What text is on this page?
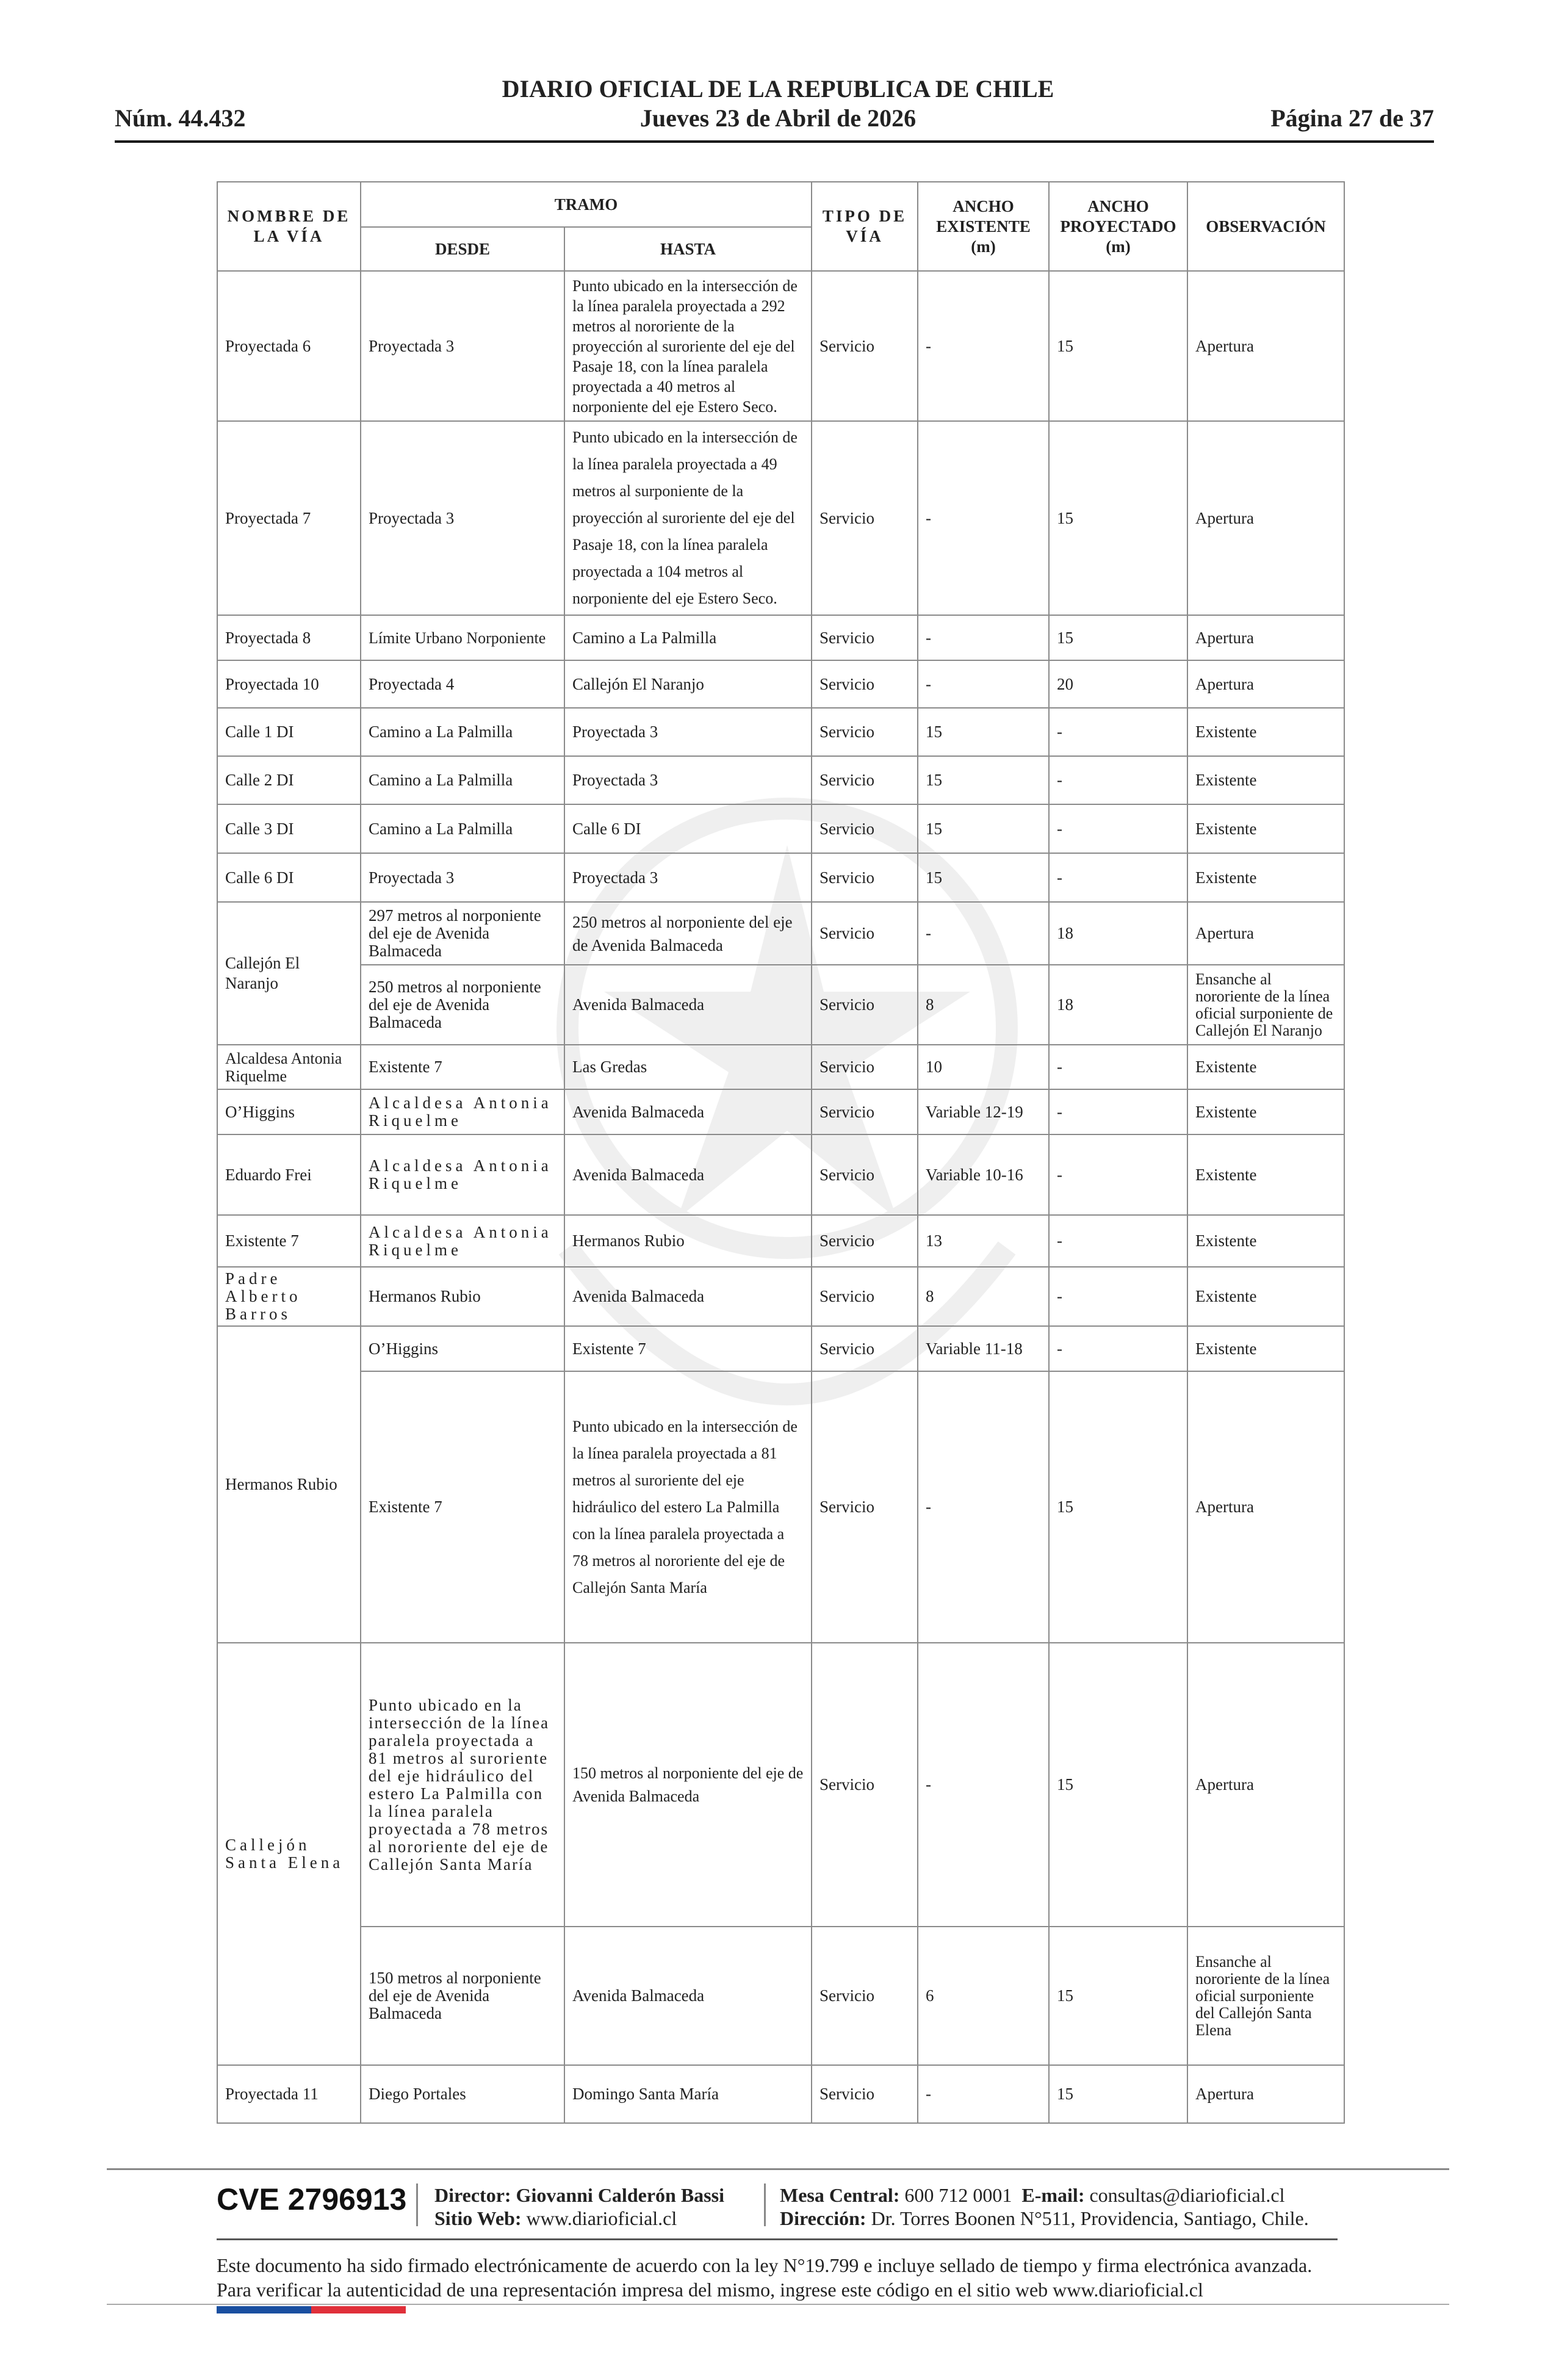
DIARIO OFICIAL DE LA REPUBLICA DE CHILE
Núm. 44.432	Jueves 23 de Abril de 2026	Página 27 de 37
NOMBRE DE LA VÍA	TRAMO		TIPO DE VÍA	ANCHO EXISTENTE (m)	ANCHO PROYECTADO (m)	OBSERVACIÓN
	DESDE	HASTA				
Proyectada 6	Proyectada 3	Punto ubicado en la intersección de la línea paralela proyectada a 292 metros al nororiente de la proyección al suroriente del eje del Pasaje 18, con la línea paralela proyectada a 40 metros al norponiente del eje Estero Seco.	Servicio	-	15	Apertura
Proyectada 7	Proyectada 3	Punto ubicado en la intersección de la línea paralela proyectada a 49 metros al surponiente de la proyección al suroriente del eje del Pasaje 18, con la línea paralela proyectada a 104 metros al norponiente del eje Estero Seco.	Servicio	-	15	Apertura
Proyectada 8	Límite Urbano Norponiente	Camino a La Palmilla	Servicio	-	15	Apertura
Proyectada 10	Proyectada 4	Callejón El Naranjo	Servicio	-	20	Apertura
Calle 1 DI	Camino a La Palmilla	Proyectada 3	Servicio	15	-	Existente
Calle 2 DI	Camino a La Palmilla	Proyectada 3	Servicio	15	-	Existente
Calle 3 DI	Camino a La Palmilla	Calle 6 DI	Servicio	15	-	Existente
Calle 6 DI	Proyectada 3	Proyectada 3	Servicio	15	-	Existente
Callejón El Naranjo	297 metros al norponiente del eje de Avenida Balmaceda	250 metros al norponiente del eje de Avenida Balmaceda	Servicio	-	18	Apertura
	250 metros al norponiente del eje de Avenida Balmaceda	Avenida Balmaceda	Servicio	8	18	Ensanche al nororiente de la línea oficial surponiente de Callejón El Naranjo
Alcaldesa Antonia Riquelme	Existente 7	Las Gredas	Servicio	10	-	Existente
O’Higgins	Alcaldesa Antonia Riquelme	Avenida Balmaceda	Servicio	Variable 12-19	-	Existente
Eduardo Frei	Alcaldesa Antonia Riquelme	Avenida Balmaceda	Servicio	Variable 10-16	-	Existente
Existente 7	Alcaldesa Antonia Riquelme	Hermanos Rubio	Servicio	13	-	Existente
Padre Alberto Barros	Hermanos Rubio	Avenida Balmaceda	Servicio	8	-	Existente
Hermanos Rubio	O’Higgins	Existente 7	Servicio	Variable 11-18	-	Existente
	Existente 7	Punto ubicado en la intersección de la línea paralela proyectada a 81 metros al suroriente del eje hidráulico del estero La Palmilla con la línea paralela proyectada a 78 metros al nororiente del eje de Callejón Santa María	Servicio	-	15	Apertura
Callejón Santa Elena	Punto ubicado en la intersección de la línea paralela proyectada a 81 metros al suroriente del eje hidráulico del estero La Palmilla con la línea paralela proyectada a 78 metros al nororiente del eje de Callejón Santa María	150 metros al norponiente del eje de Avenida Balmaceda	Servicio	-	15	Apertura
	150 metros al norponiente del eje de Avenida Balmaceda	Avenida Balmaceda	Servicio	6	15	Ensanche al nororiente de la línea oficial surponiente del Callejón Santa Elena
Proyectada 11	Diego Portales	Domingo Santa María	Servicio	-	15	Apertura
CVE 2796913 Director: Giovanni Calderón Bassi
Sitio Web: www.diarioficial.cl
Mesa Central: 600 712 0001 E-mail: consultas@diarioficial.cl
Dirección: Dr. Torres Boonen N°511, Providencia, Santiago, Chile.
Este documento ha sido firmado electrónicamente de acuerdo con la ley N°19.799 e incluye sellado de tiempo y firma electrónica avanzada. Para verificar la autenticidad de una representación impresa del mismo, ingrese este código en el sitio web www.diarioficial.cl
